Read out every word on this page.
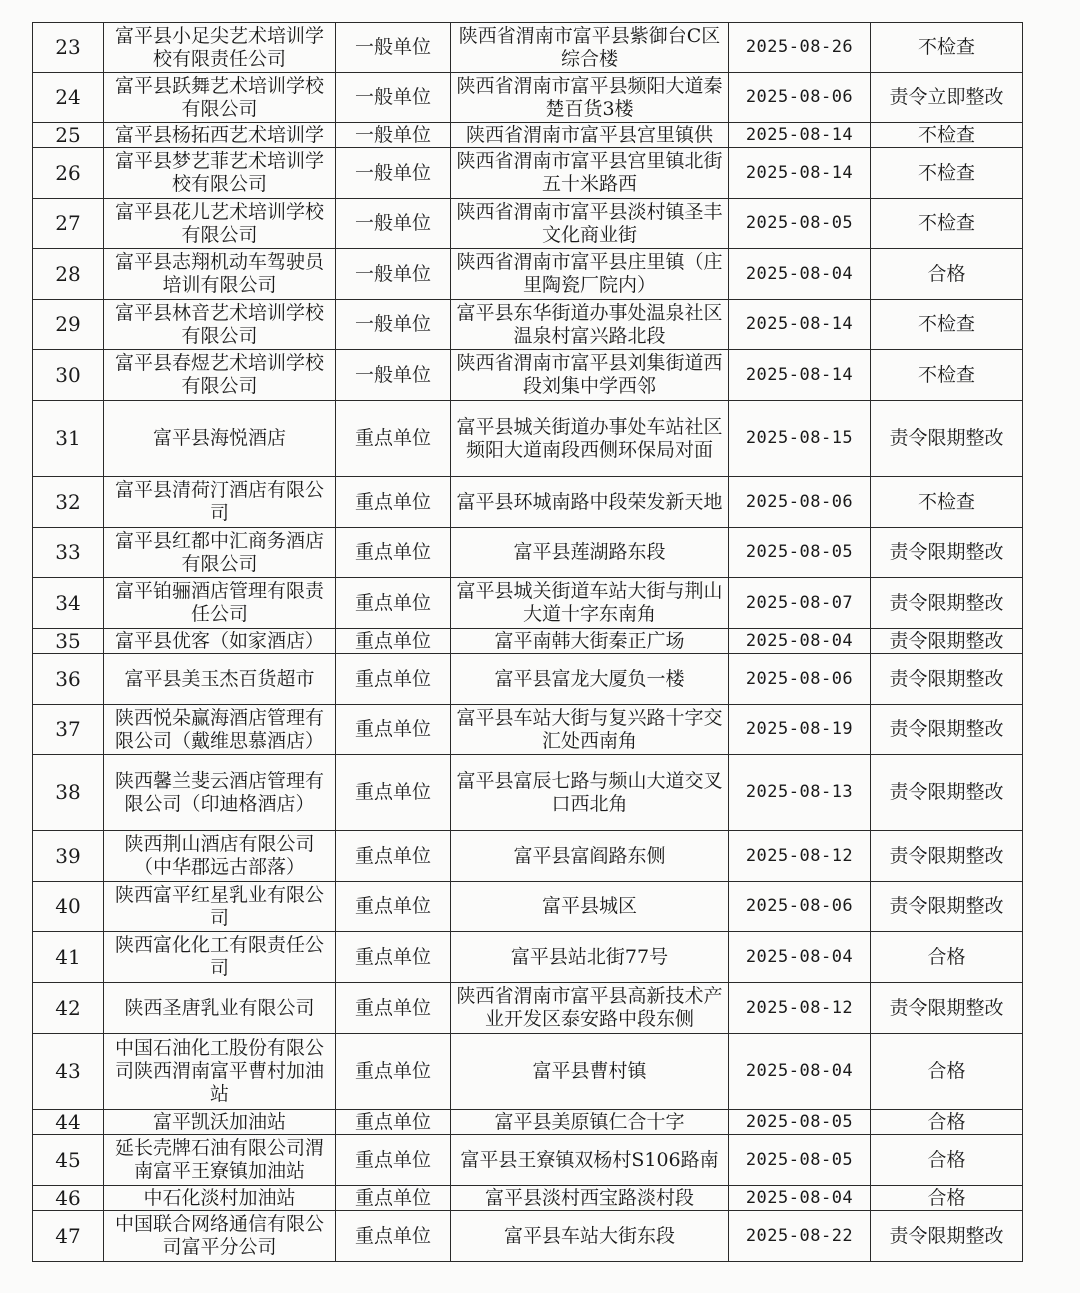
23	富平县小足尖艺术培训学校有限责任公司	一般单位	陕西省渭南市富平县紫御台C区综合楼	2025-08-26	不检查
24	富平县跃舞艺术培训学校有限公司	一般单位	陕西省渭南市富平县频阳大道秦楚百货3楼	2025-08-06	责令立即整改
25	富平县杨拓西艺术培训学	一般单位	陕西省渭南市富平县宫里镇供	2025-08-14	不检查
26	富平县梦艺菲艺术培训学校有限公司	一般单位	陕西省渭南市富平县宫里镇北街五十米路西	2025-08-14	不检查
27	富平县花儿艺术培训学校有限公司	一般单位	陕西省渭南市富平县淡村镇圣丰文化商业街	2025-08-05	不检查
28	富平县志翔机动车驾驶员培训有限公司	一般单位	陕西省渭南市富平县庄里镇（庄里陶瓷厂院内）	2025-08-04	合格
29	富平县林音艺术培训学校有限公司	一般单位	富平县东华街道办事处温泉社区温泉村富兴路北段	2025-08-14	不检查
30	富平县春煜艺术培训学校有限公司	一般单位	陕西省渭南市富平县刘集街道西段刘集中学西邻	2025-08-14	不检查
31	富平县海悦酒店	重点单位	富平县城关街道办事处车站社区频阳大道南段西侧环保局对面	2025-08-15	责令限期整改
32	富平县清荷汀酒店有限公司	重点单位	富平县环城南路中段荣发新天地	2025-08-06	不检查
33	富平县红都中汇商务酒店有限公司	重点单位	富平县莲湖路东段	2025-08-05	责令限期整改
34	富平铂骊酒店管理有限责任公司	重点单位	富平县城关街道车站大街与荆山大道十字东南角	2025-08-07	责令限期整改
35	富平县优客（如家酒店）	重点单位	富平南韩大街秦正广场	2025-08-04	责令限期整改
36	富平县美玉杰百货超市	重点单位	富平县富龙大厦负一楼	2025-08-06	责令限期整改
37	陕西悦朵赢海酒店管理有限公司（戴维思慕酒店）	重点单位	富平县车站大街与复兴路十字交汇处西南角	2025-08-19	责令限期整改
38	陕西馨兰斐云酒店管理有限公司（印迪格酒店）	重点单位	富平县富辰七路与频山大道交叉口西北角	2025-08-13	责令限期整改
39	陕西荆山酒店有限公司（中华郡远古部落）	重点单位	富平县富阎路东侧	2025-08-12	责令限期整改
40	陕西富平红星乳业有限公司	重点单位	富平县城区	2025-08-06	责令限期整改
41	陕西富化化工有限责任公司	重点单位	富平县站北街77号	2025-08-04	合格
42	陕西圣唐乳业有限公司	重点单位	陕西省渭南市富平县高新技术产业开发区泰安路中段东侧	2025-08-12	责令限期整改
43	中国石油化工股份有限公司陕西渭南富平曹村加油站	重点单位	富平县曹村镇	2025-08-04	合格
44	富平凯沃加油站	重点单位	富平县美原镇仁合十字	2025-08-05	合格
45	延长壳牌石油有限公司渭南富平王寮镇加油站	重点单位	富平县王寮镇双杨村S106路南	2025-08-05	合格
46	中石化淡村加油站	重点单位	富平县淡村西宝路淡村段	2025-08-04	合格
47	中国联合网络通信有限公司富平分公司	重点单位	富平县车站大街东段	2025-08-22	责令限期整改
